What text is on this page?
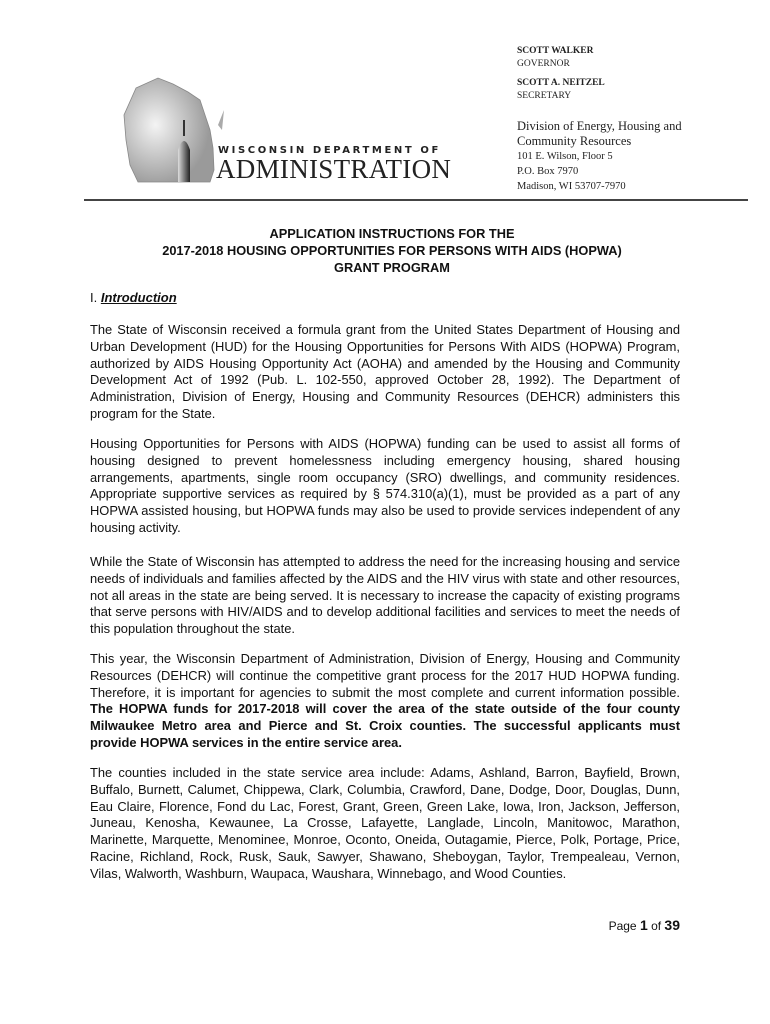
WISCONSIN DEPARTMENT OF
ADMINISTRATION
SCOTT WALKER
GOVERNOR
SCOTT A. NEITZEL
SECRETARY
Division of Energy, Housing and
Community Resources
101 E. Wilson, Floor 5
P.O. Box 7970
Madison, WI 53707-7970
APPLICATION INSTRUCTIONS FOR THE
2017-2018 HOUSING OPPORTUNITIES FOR PERSONS WITH AIDS (HOPWA)
GRANT PROGRAM
I. Introduction
The State of Wisconsin received a formula grant from the United States Department of Housing and Urban Development (HUD) for the Housing Opportunities for Persons With AIDS (HOPWA) Program, authorized by AIDS Housing Opportunity Act (AOHA) and amended by the Housing and Community Development Act of 1992 (Pub. L. 102-550, approved October 28, 1992). The Department of Administration, Division of Energy, Housing and Community Resources (DEHCR) administers this program for the State.
Housing Opportunities for Persons with AIDS (HOPWA) funding can be used to assist all forms of housing designed to prevent homelessness including emergency housing, shared housing arrangements, apartments, single room occupancy (SRO) dwellings, and community residences. Appropriate supportive services as required by § 574.310(a)(1), must be provided as a part of any HOPWA assisted housing, but HOPWA funds may also be used to provide services independent of any housing activity.
While the State of Wisconsin has attempted to address the need for the increasing housing and service needs of individuals and families affected by the AIDS and the HIV virus with state and other resources, not all areas in the state are being served. It is necessary to increase the capacity of existing programs that serve persons with HIV/AIDS and to develop additional facilities and services to meet the needs of this population throughout the state.
This year, the Wisconsin Department of Administration, Division of Energy, Housing and Community Resources (DEHCR) will continue the competitive grant process for the 2017 HUD HOPWA funding. Therefore, it is important for agencies to submit the most complete and current information possible. The HOPWA funds for 2017-2018 will cover the area of the state outside of the four county Milwaukee Metro area and Pierce and St. Croix counties. The successful applicants must provide HOPWA services in the entire service area.
The counties included in the state service area include: Adams, Ashland, Barron, Bayfield, Brown, Buffalo, Burnett, Calumet, Chippewa, Clark, Columbia, Crawford, Dane, Dodge, Door, Douglas, Dunn, Eau Claire, Florence, Fond du Lac, Forest, Grant, Green, Green Lake, Iowa, Iron, Jackson, Jefferson, Juneau, Kenosha, Kewaunee, La Crosse, Lafayette, Langlade, Lincoln, Manitowoc, Marathon, Marinette, Marquette, Menominee, Monroe, Oconto, Oneida, Outagamie, Pierce, Polk, Portage, Price, Racine, Richland, Rock, Rusk, Sauk, Sawyer, Shawano, Sheboygan, Taylor, Trempealeau, Vernon, Vilas, Walworth, Washburn, Waupaca, Waushara, Winnebago, and Wood Counties.
Page 1 of 39
